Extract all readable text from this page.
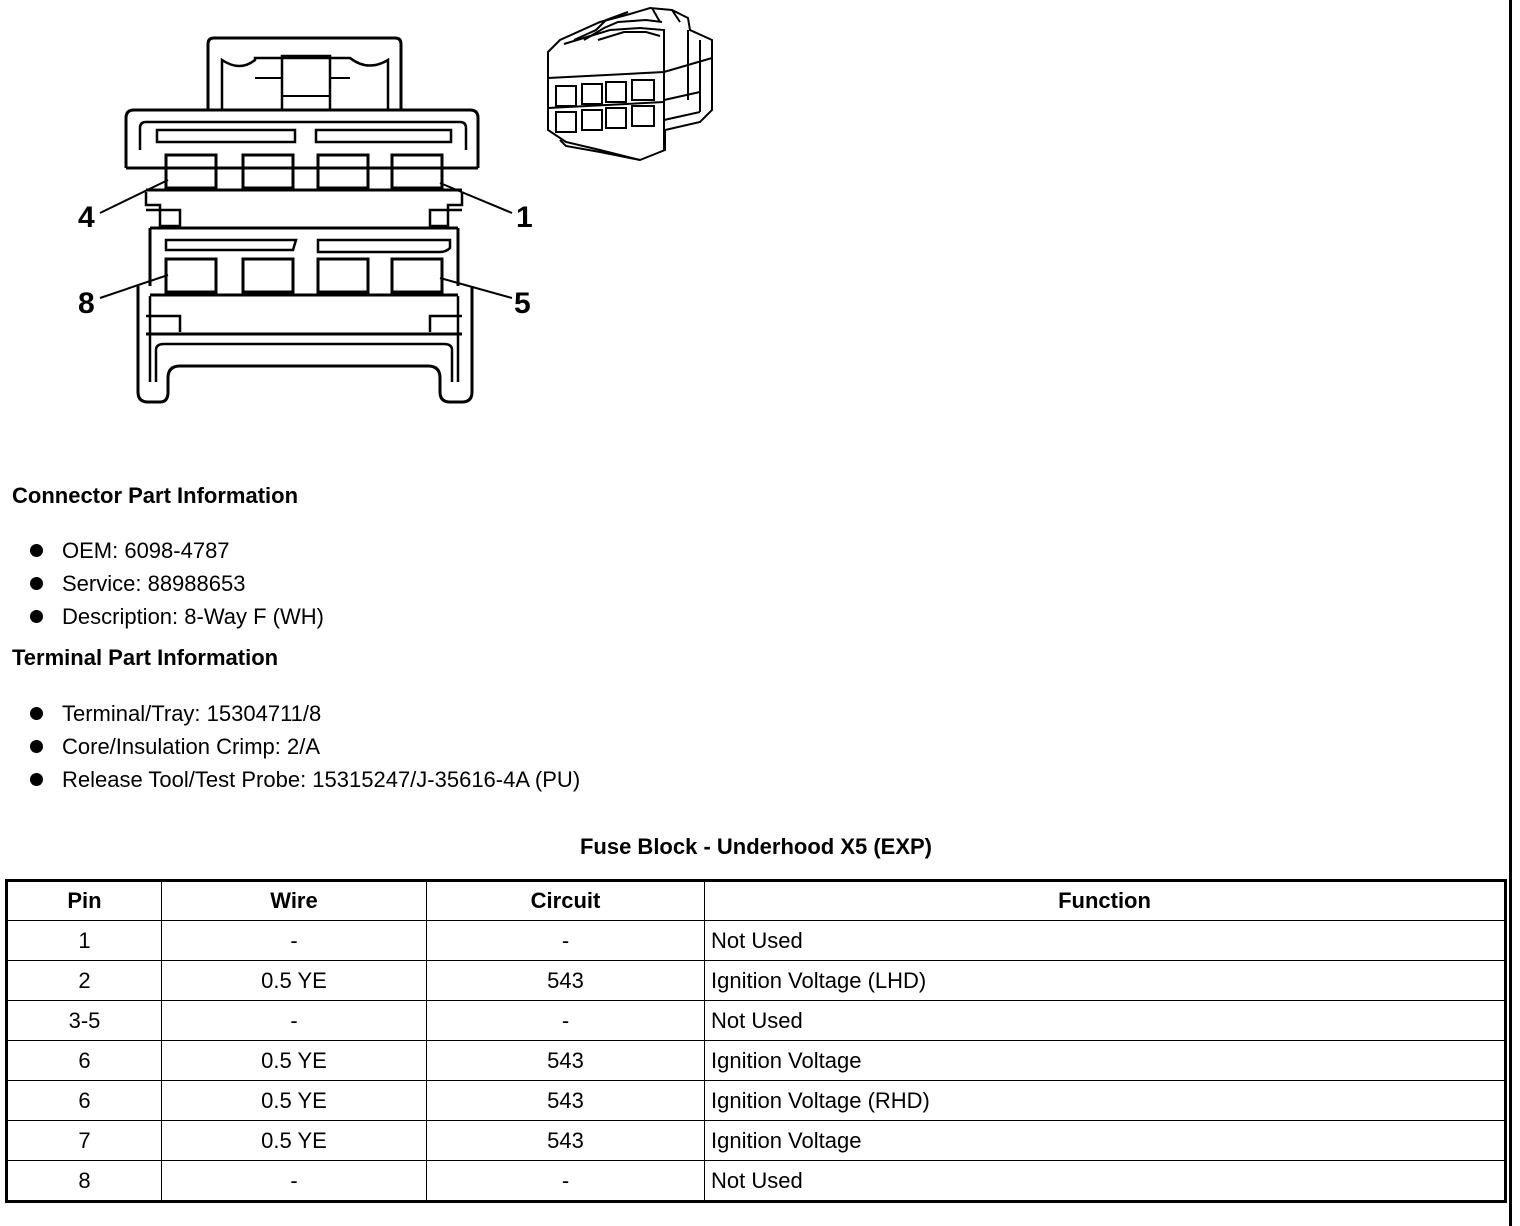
4	1
8	5
Connector Part Information
OEM: 6098-4787
Service: 88988653
Description: 8-Way F (WH)
Terminal Part Information
Terminal/Tray: 15304711/8
Core/Insulation Crimp: 2/A
Release Tool/Test Probe: 15315247/J-35616-4A (PU)
Fuse Block - Underhood X5 (EXP)
Pin	Wire	Circuit	Function
1	-	-	Not Used
2	0.5 YE	543	Ignition Voltage (LHD)
3-5	-	-	Not Used
6	0.5 YE	543	Ignition Voltage
6	0.5 YE	543	Ignition Voltage (RHD)
7	0.5 YE	543	Ignition Voltage
8	-	-	Not Used
